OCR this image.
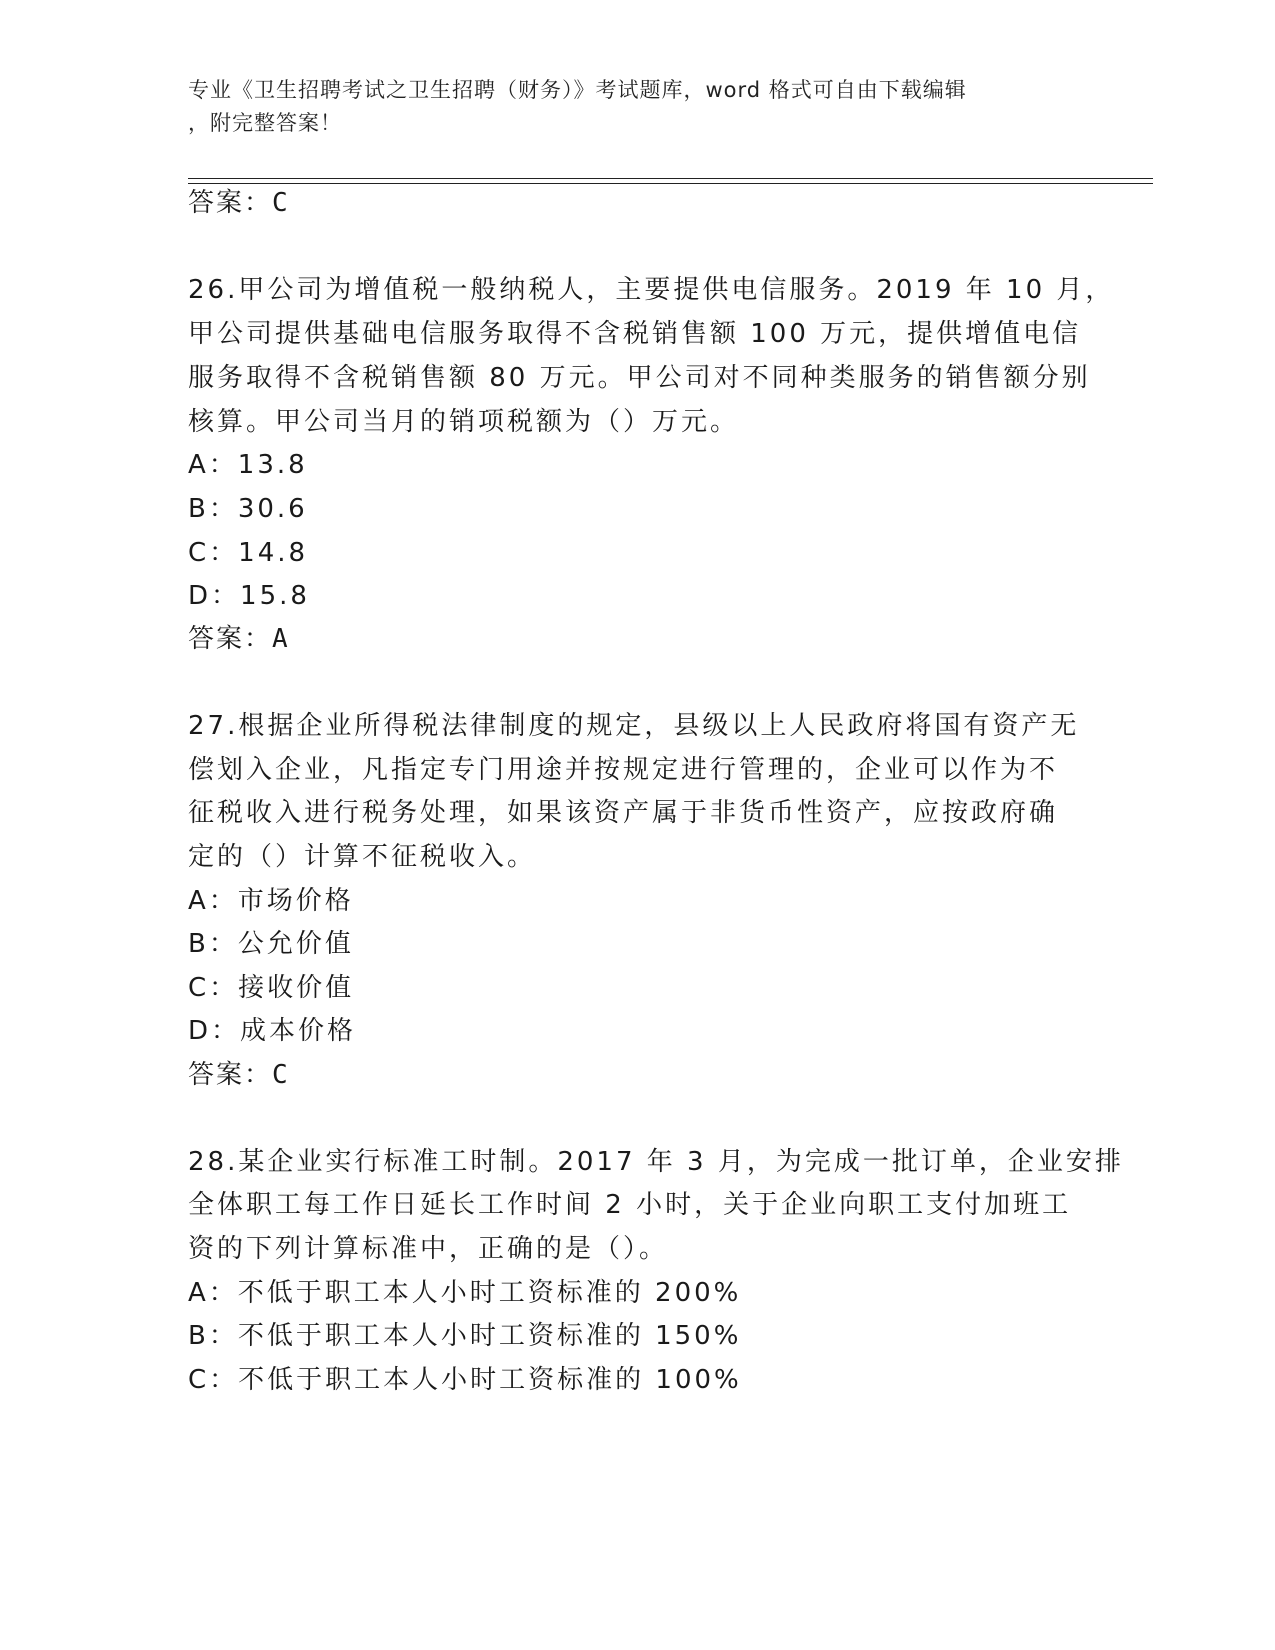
专业《卫生招聘考试之卫生招聘（财务）》考试题库，word 格式可自由下载编辑
，附完整答案！
答案：C
26.甲公司为增值税一般纳税人，主要提供电信服务。2019 年 10 月，
甲公司提供基础电信服务取得不含税销售额 100 万元，提供增值电信
服务取得不含税销售额 80 万元。甲公司对不同种类服务的销售额分别
核算。甲公司当月的销项税额为（）万元。
A：13.8
B：30.6
C：14.8
D：15.8
答案：A
27.根据企业所得税法律制度的规定，县级以上人民政府将国有资产无
偿划入企业，凡指定专门用途并按规定进行管理的，企业可以作为不
征税收入进行税务处理，如果该资产属于非货币性资产，应按政府确
定的（）计算不征税收入。
A：市场价格
B：公允价值
C：接收价值
D：成本价格
答案：C
28.某企业实行标准工时制。2017 年 3 月，为完成一批订单，企业安排
全体职工每工作日延长工作时间 2 小时，关于企业向职工支付加班工
资的下列计算标准中，正确的是（）。
A：不低于职工本人小时工资标准的 200%
B：不低于职工本人小时工资标准的 150%
C：不低于职工本人小时工资标准的 100%
